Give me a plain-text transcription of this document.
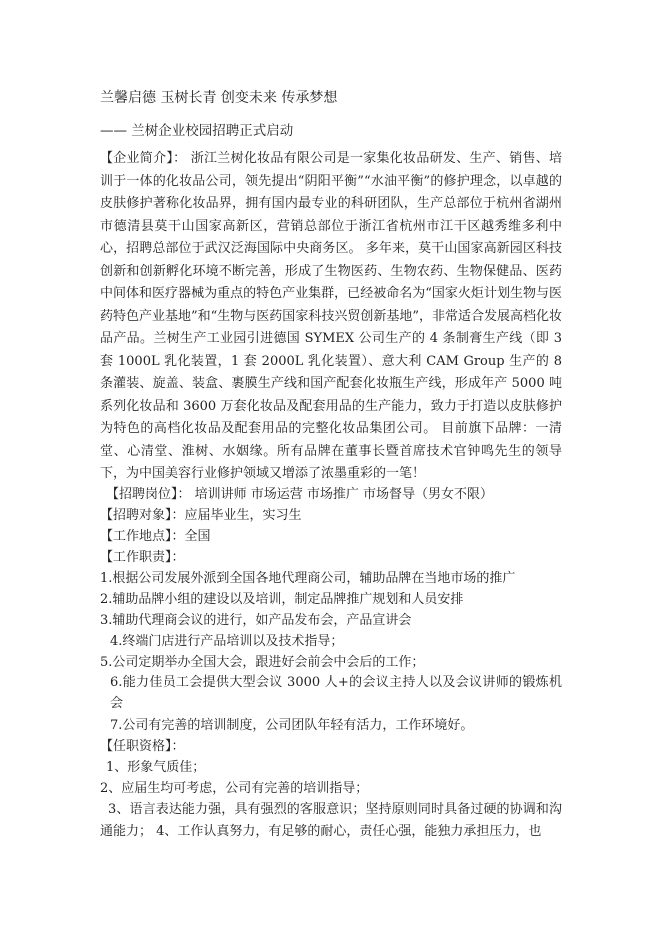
兰馨启德 玉树长青 创变未来 传承梦想
—— 兰树企业校园招聘正式启动
【企业简介】： 浙江兰树化妆品有限公司是一家集化妆品研发、生产、销售、培训于一体的化妆品公司，领先提出“阴阳平衡”“水油平衡”的修护理念，以卓越的皮肤修护著称化妆品界，拥有国内最专业的科研团队，生产总部位于杭州省湖州市德清县莫干山国家高新区，营销总部位于浙江省杭州市江干区越秀维多利中心，招聘总部位于武汉泛海国际中央商务区。 多年来，莫干山国家高新园区科技创新和创新孵化环境不断完善，形成了生物医药、生物农药、生物保健品、医药中间体和医疗器械为重点的特色产业集群，已经被命名为“国家火炬计划生物与医药特色产业基地”和“生物与医药国家科技兴贸创新基地”，非常适合发展高档化妆品产品。兰树生产工业园引进德国 SYMEX 公司生产的 4 条制膏生产线（即 3 套 1000L 乳化装置，1 套 2000L 乳化装置）、意大利 CAM Group 生产的 8 条灌装、旋盖、装盒、裹膜生产线和国产配套化妆瓶生产线，形成年产 5000 吨系列化妆品和 3600 万套化妆品及配套用品的生产能力，致力于打造以皮肤修护为特色的高档化妆品及配套用品的完整化妆品集团公司。 目前旗下品牌：一清堂、心清堂、淮树、水姻缘。所有品牌在董事长暨首席技术官钟鸣先生的领导下，为中国美容行业修护领域又增添了浓墨重彩的一笔！
【招聘岗位】： 培训讲师 市场运营 市场推广 市场督导（男女不限）
【招聘对象】：应届毕业生，实习生
【工作地点】：全国
【工作职责】：
1.根据公司发展外派到全国各地代理商公司，辅助品牌在当地市场的推广
2.辅助品牌小组的建设以及培训，制定品牌推广规划和人员安排
3.辅助代理商会议的进行，如产品发布会，产品宣讲会
4.终端门店进行产品培训以及技术指导；
5.公司定期举办全国大会，跟进好会前会中会后的工作；
6.能力佳员工会提供大型会议 3000 人+的会议主持人以及会议讲师的锻炼机会
7.公司有完善的培训制度，公司团队年轻有活力，工作环境好。
【任职资格】：
1、形象气质佳；
2、应届生均可考虑，公司有完善的培训指导；
3、语言表达能力强，具有强烈的客服意识；坚持原则同时具备过硬的协调和沟通能力； 4、工作认真努力，有足够的耐心，责任心强，能独力承担压力，也
